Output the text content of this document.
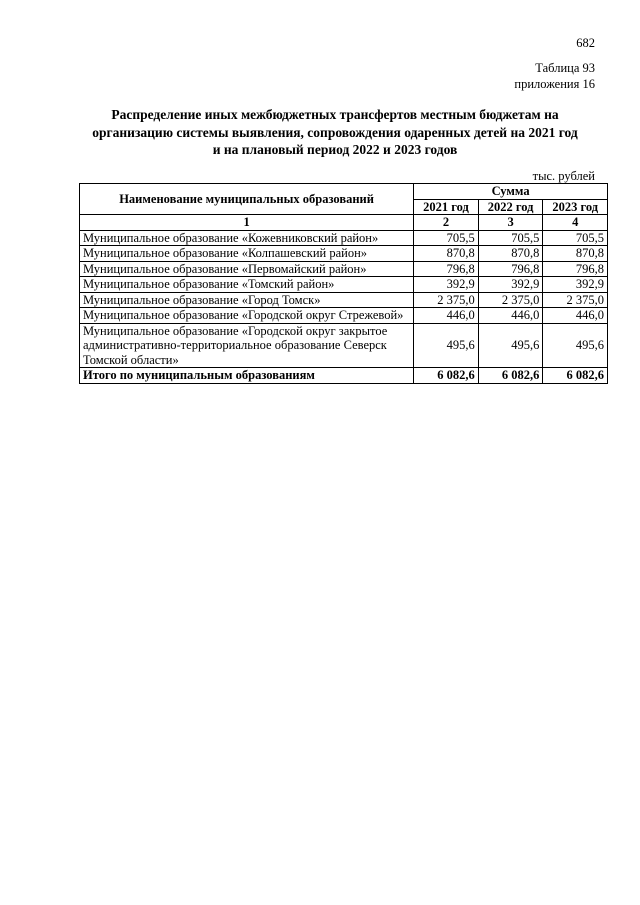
682
Таблица 93
приложения 16
Распределение иных межбюджетных трансфертов местным бюджетам на организацию системы выявления, сопровождения одаренных детей на 2021 год и на плановый период 2022 и 2023 годов
тыс. рублей
Наименование муниципальных образований	Сумма		
	2021 год	2022 год	2023 год
1	2	3	4
Муниципальное образование «Кожевниковский район»	705,5	705,5	705,5
Муниципальное образование «Колпашевский район»	870,8	870,8	870,8
Муниципальное образование «Первомайский район»	796,8	796,8	796,8
Муниципальное образование «Томский район»	392,9	392,9	392,9
Муниципальное образование «Город Томск»	2 375,0	2 375,0	2 375,0
Муниципальное образование «Городской округ Стрежевой»	446,0	446,0	446,0
Муниципальное образование «Городской округ закрытое административно-территориальное образование Северск Томской области»	495,6	495,6	495,6
Итого по муниципальным образованиям	6 082,6	6 082,6	6 082,6
